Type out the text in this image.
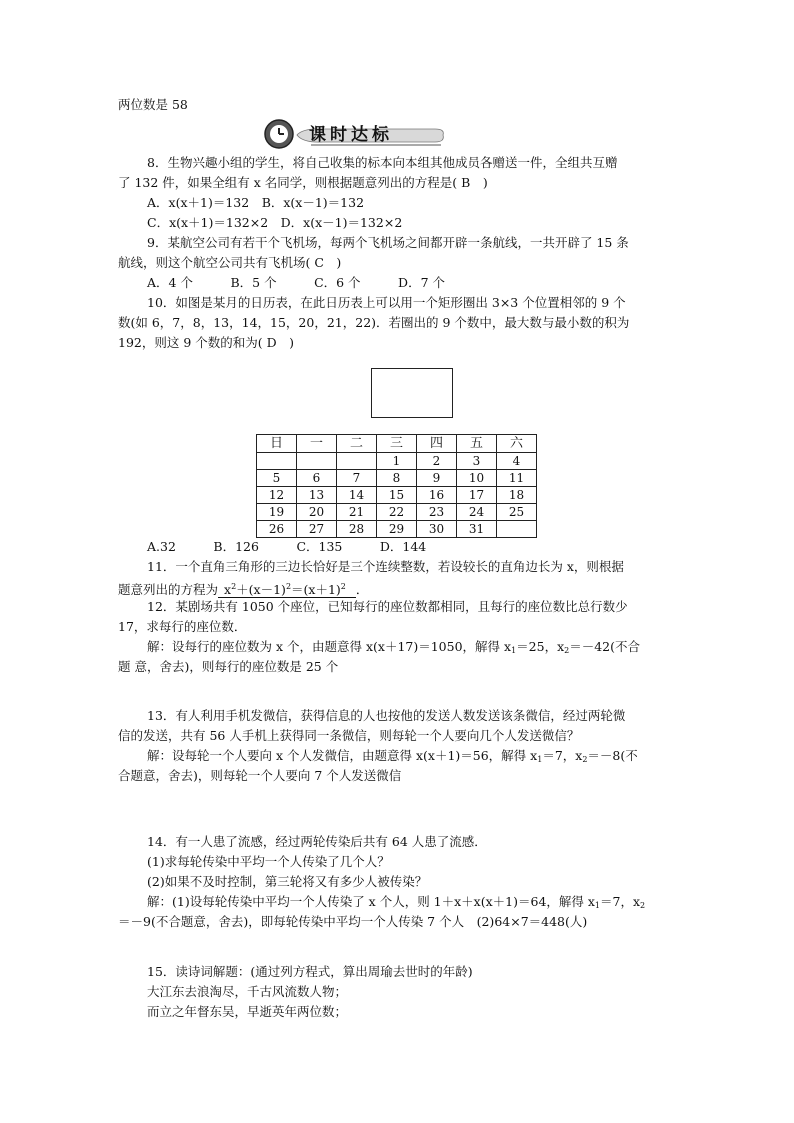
两位数是 58
课时达标
8．生物兴趣小组的学生，将自己收集的标本向本组其他成员各赠送一件，全组共互赠
了 132 件，如果全组有 x 名同学，则根据题意列出的方程是( B　)
A．x(x＋1)＝132　B．x(x－1)＝132
C．x(x＋1)＝132×2　D．x(x－1)＝132×2
9．某航空公司有若干个飞机场，每两个飞机场之间都开辟一条航线，一共开辟了 15 条
航线，则这个航空公司共有飞机场( C　)
A．4 个　　　B．5 个　　　C．6 个　　　D．7 个
10．如图是某月的日历表，在此日历表上可以用一个矩形圈出 3×3 个位置相邻的 9 个
数(如 6，7，8，13，14，15，20，21，22)．若圈出的 9 个数中，最大数与最小数的积为
192，则这 9 个数的和为( D　)
日	一	二	三	四	五	六
			1	2	3	4
5	6	7	8	9	10	11
12	13	14	15	16	17	18
19	20	21	22	23	24	25
26	27	28	29	30	31	
A.32　　　B．126　　　C．135　　　D．144
11．一个直角三角形的三边长恰好是三个连续整数，若设较长的直角边长为 x，则根据
题意列出的方程为 $x^2+(x-1)^2=(x+1)^2$ ．
12．某剧场共有 1050 个座位，已知每行的座位数都相同，且每行的座位数比总行数少
17，求每行的座位数．
解：设每行的座位数为 x 个，由题意得 x(x＋17)＝1050，解得 $x_1=25$，$x_2=-42$(不合
题 意，舍去)，则每行的座位数是 25 个
13．有人利用手机发微信，获得信息的人也按他的发送人数发送该条微信，经过两轮微
信的发送，共有 56 人手机上获得同一条微信，则每轮一个人要向几个人发送微信？
解：设每轮一个人要向 x 个人发微信，由题意得 x(x＋1)＝56，解得 $x_1=7$，$x_2=-8$(不
合题意，舍去)，则每轮一个人要向 7 个人发送微信
14．有一人患了流感，经过两轮传染后共有 64 人患了流感．
(1)求每轮传染中平均一个人传染了几个人？
(2)如果不及时控制，第三轮将又有多少人被传染？
解：(1)设每轮传染中平均一个人传染了 x 个人，则 1＋x＋x(x＋1)＝64，解得 $x_1=7$，$x_2$
＝－9(不合题意，舍去)，即每轮传染中平均一个人传染 7 个人　(2)64×7＝448(人)
15．读诗词解题：(通过列方程式，算出周瑜去世时的年龄)
大江东去浪淘尽，千古风流数人物；
而立之年督东吴，早逝英年两位数；
